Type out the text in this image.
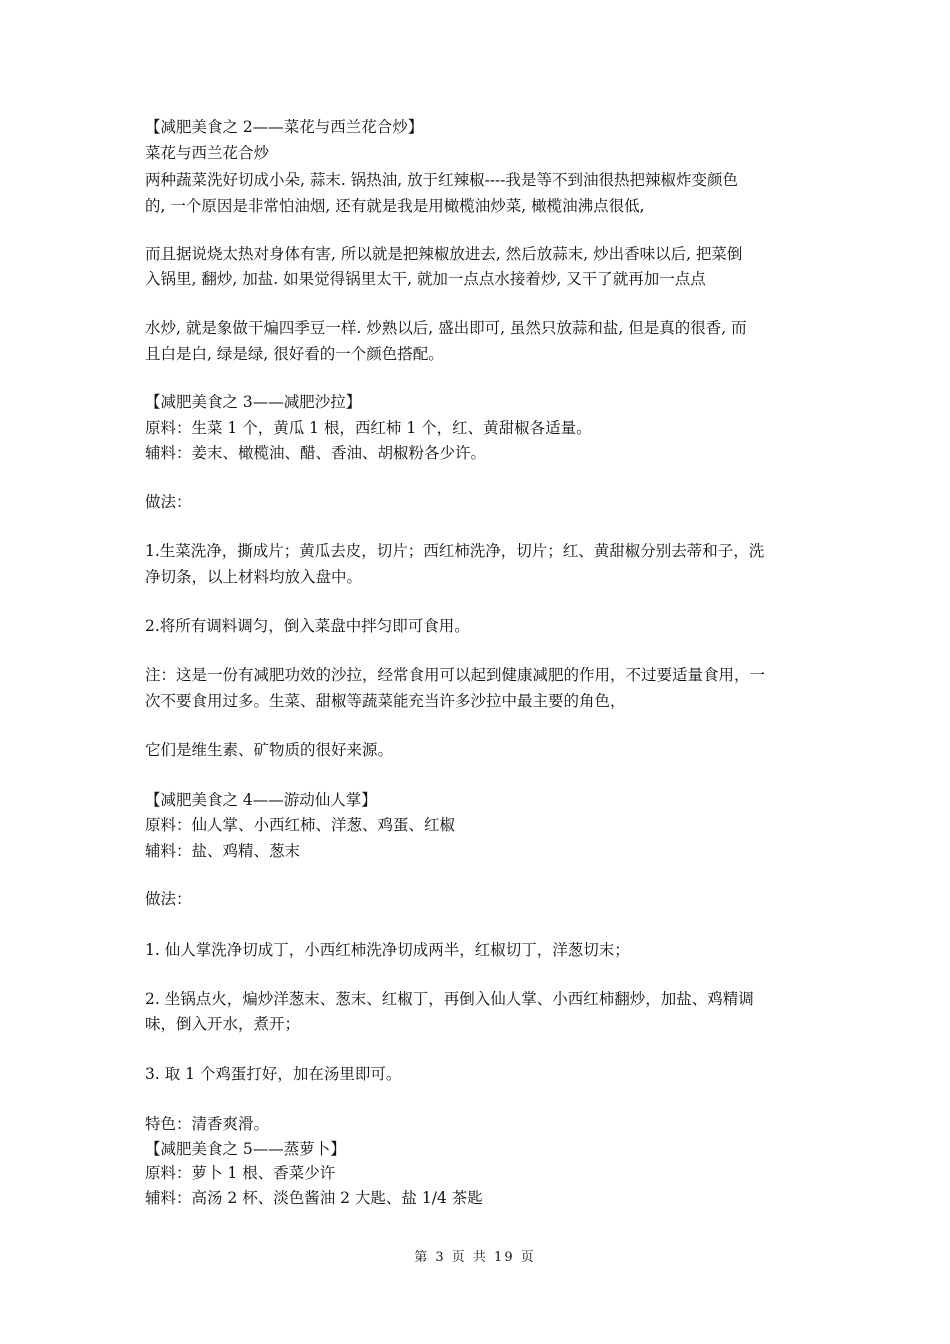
【减肥美食之 2——菜花与西兰花合炒】
菜花与西兰花合炒
两种蔬菜洗好切成小朵, 蒜末. 锅热油, 放于红辣椒----我是等不到油很热把辣椒炸变颜色
的, 一个原因是非常怕油烟, 还有就是我是用橄榄油炒菜, 橄榄油沸点很低,
而且据说烧太热对身体有害, 所以就是把辣椒放进去, 然后放蒜末, 炒出香味以后, 把菜倒
入锅里, 翻炒, 加盐. 如果觉得锅里太干, 就加一点点水接着炒, 又干了就再加一点点
水炒, 就是象做干煸四季豆一样. 炒熟以后, 盛出即可, 虽然只放蒜和盐, 但是真的很香, 而
且白是白, 绿是绿, 很好看的一个颜色搭配。
【减肥美食之 3——减肥沙拉】
原料：生菜 1 个，黄瓜 1 根，西红柿 1 个，红、黄甜椒各适量。
辅料：姜末、橄榄油、醋、香油、胡椒粉各少许。
做法：
1.生菜洗净，撕成片；黄瓜去皮，切片；西红柿洗净，切片；红、黄甜椒分别去蒂和子，洗
净切条，以上材料均放入盘中。
2.将所有调料调匀，倒入菜盘中拌匀即可食用。
注：这是一份有减肥功效的沙拉，经常食用可以起到健康减肥的作用，不过要适量食用，一
次不要食用过多。生菜、甜椒等蔬菜能充当许多沙拉中最主要的角色，
它们是维生素、矿物质的很好来源。
【减肥美食之 4——游动仙人掌】
原料：仙人掌、小西红柿、洋葱、鸡蛋、红椒
辅料：盐、鸡精、葱末
做法：
1. 仙人掌洗净切成丁，小西红柿洗净切成两半，红椒切丁，洋葱切末；
2. 坐锅点火，煸炒洋葱末、葱末、红椒丁，再倒入仙人掌、小西红柿翻炒，加盐、鸡精调
味，倒入开水，煮开；
3. 取 1 个鸡蛋打好，加在汤里即可。
特色：清香爽滑。
【减肥美食之 5——蒸萝卜】
原料：萝卜 1 根、香菜少许
辅料：高汤 2 杯、淡色酱油 2 大匙、盐 1/4 茶匙
第 3 页 共 19 页
